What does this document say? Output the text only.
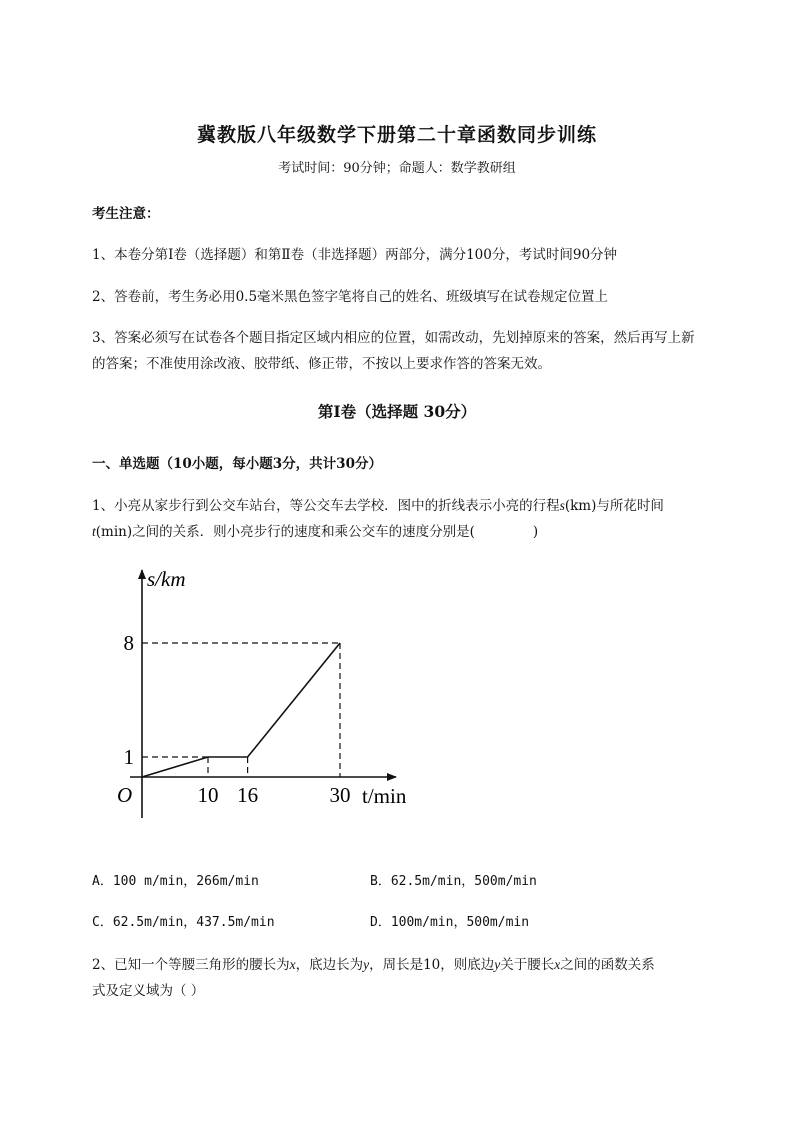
冀教版八年级数学下册第二十章函数同步训练
考试时间：90分钟；命题人：数学教研组
考生注意：
1、本卷分第I卷（选择题）和第Ⅱ卷（非选择题）两部分，满分100分，考试时间90分钟
2、答卷前，考生务必用0.5毫米黑色签字笔将自己的姓名、班级填写在试卷规定位置上
3、答案必须写在试卷各个题目指定区域内相应的位置，如需改动，先划掉原来的答案，然后再写上新
的答案；不准使用涂改液、胶带纸、修正带，不按以上要求作答的答案无效。
第I卷（选择题 30分）
一、单选题（10小题，每小题3分，共计30分）
1、小亮从家步行到公交车站台，等公交车去学校．图中的折线表示小亮的行程s(km)与所花时间
t(min)之间的关系．则小亮步行的速度和乘公交车的速度分别是(	)
s/km
t/min
O	10 16	30
1
8
A．100 m/min，266m/min	B．62.5m/min，500m/min
C．62.5m/min，437.5m/min	D．100m/min，500m/min
2、已知一个等腰三角形的腰长为x，底边长为y，周长是10，则底边y关于腰长x之间的函数关系
式及定义域为（ ）
